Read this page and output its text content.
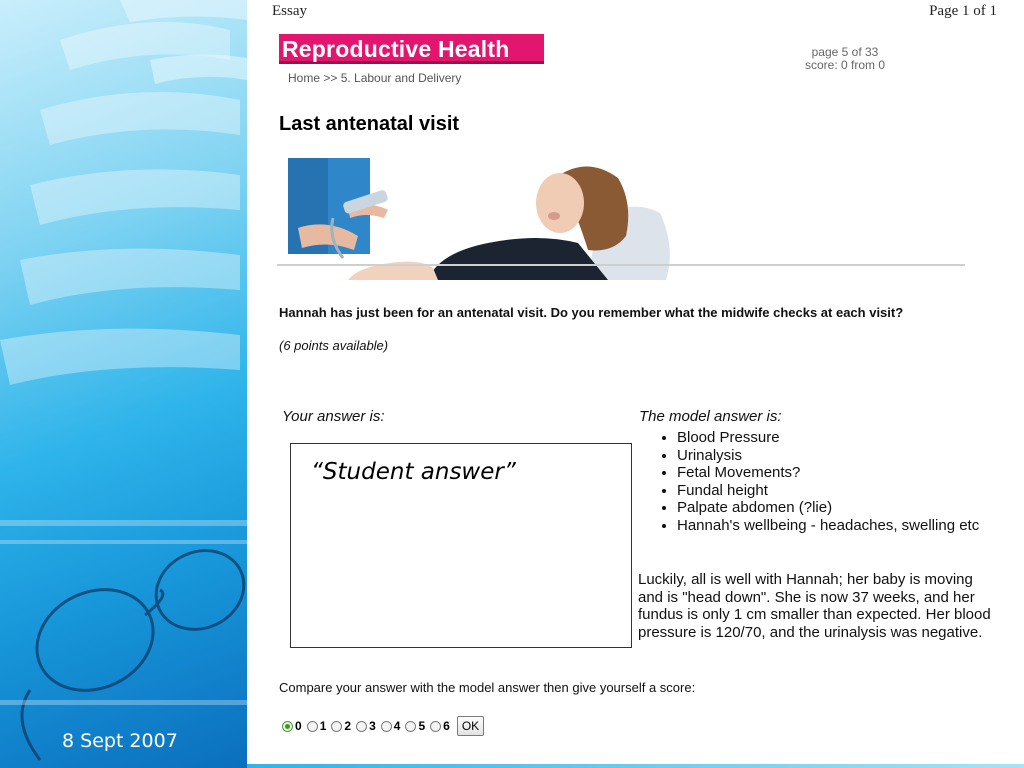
8 Sept 2007
Essay	Page 1 of 1
Reproductive Health
Home >> 5. Labour and Delivery
page 5 of 33
score: 0 from 0
Last antenatal visit
Hannah has just been for an antenatal visit. Do you remember what the midwife checks at each visit?
(6 points available)
Your answer is:	The model answer is:
“Student answer”
• Blood Pressure
• Urinalysis
• Fetal Movements?
• Fundal height
• Palpate abdomen (?lie)
• Hannah's wellbeing - headaches, swelling etc

Luckily, all is well with Hannah; her baby is moving and is "head down". She is now 37 weeks, and her fundus is only 1 cm smaller than expected. Her blood pressure is 120/70, and the urinalysis was negative.

Compare your answer with the model answer then give yourself a score:
0 1 2 3 4 5 6	OK
